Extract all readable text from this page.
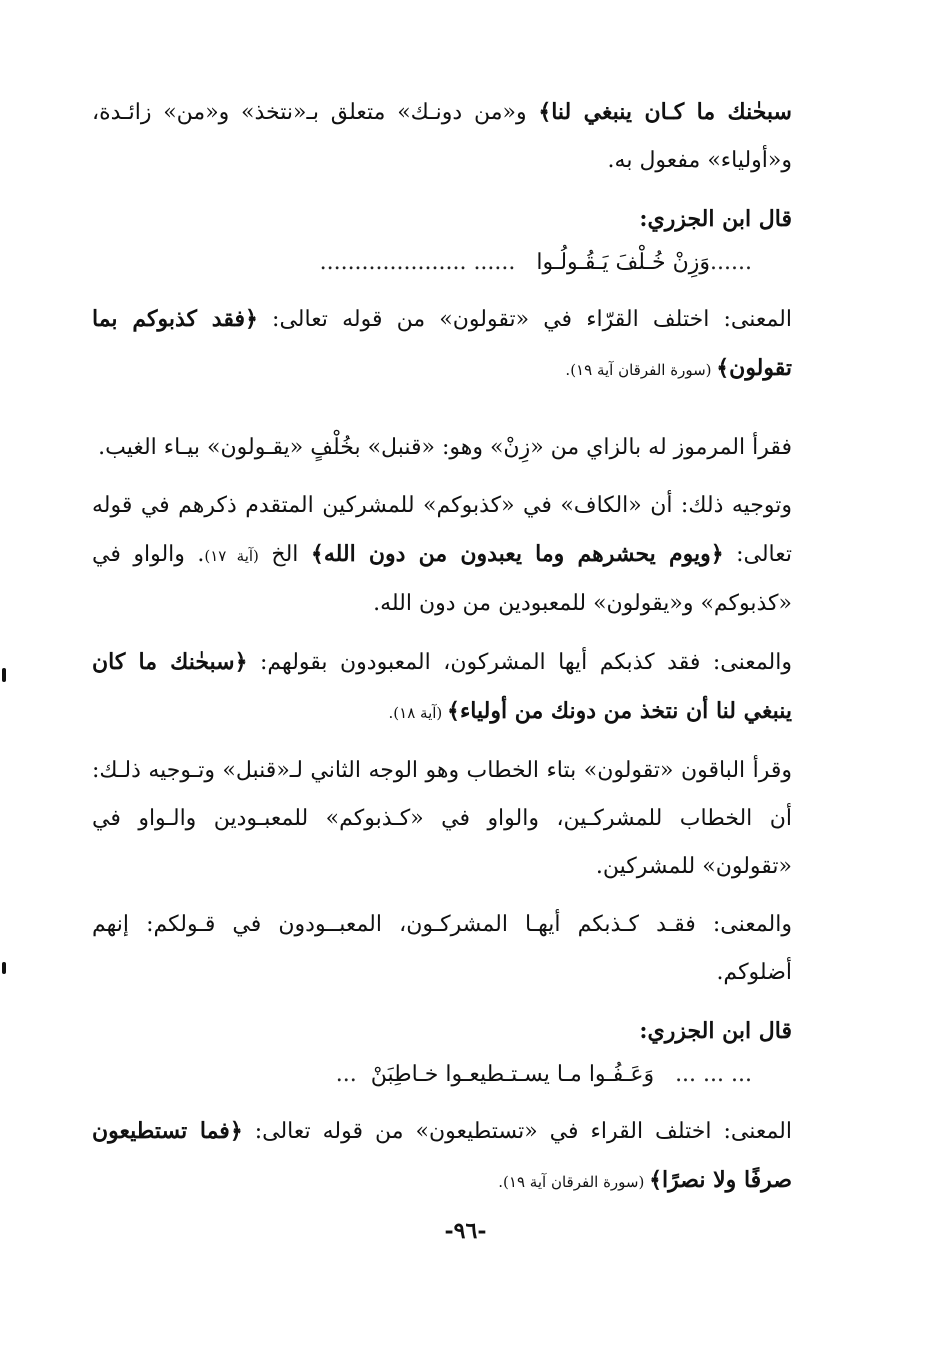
سبحٰنك ما كـان ينبغي لنا﴾ و«من دونـك» متعلق بـ«نتخذ» و«من» زائـدة، و«أولياء» مفعول به.

قال ابن الجزري:

......وَزِنْ خُـلْفَ يَـقُـولُـوا   ...... .....................

المعنى: اختلف القرّاء في «تقولون» من قوله تعالى: ﴿فقد كذبوكم بما تقولون﴾ (سورة الفرقان آية ١٩).

فقرأ المرموز له بالزاي من «زِنْ» وهو: «قنبل» بخُلْفٍ «يقـولون» بيـاء الغيب.

وتوجيه ذلك: أن «الكاف» في «كذبوكم» للمشركين المتقدم ذكرهم في قوله تعالى: ﴿ويوم يحشرهم وما يعبدون من دون الله﴾ الخ (آية ١٧). والواو في «كذبوكم» و«يقولون» للمعبودين من دون الله.

والمعنى: فقد كذبكم أيها المشركون، المعبودون بقولهم: ﴿سبحٰنك ما كان ينبغي لنا أن نتخذ من دونك من أولياء﴾ (آية ١٨).

وقرأ الباقون «تقولون» بتاء الخطاب وهو الوجه الثاني لـ«قنبل» وتـوجيه ذلـك: أن الخطاب للمشركـين، والواو في «كـذبوكم» للمعبـودين والـواو في «تقولون» للمشركين.

والمعنى: فقـد كـذبكم أيهـا المشركـون، المعبــودون في قـولكم: إنهم أضلوكم.

قال ابن الجزري:

... ... ...   وَعَـفُـوا مـا يسـتـطيعـوا خـاطِبَنْ  ...

المعنى: اختلف القراء في «تستطيعون» من قوله تعالى: ﴿فما تستطيعون صرفًا ولا نصرًا﴾ (سورة الفرقان آية ١٩).

-٩٦-
